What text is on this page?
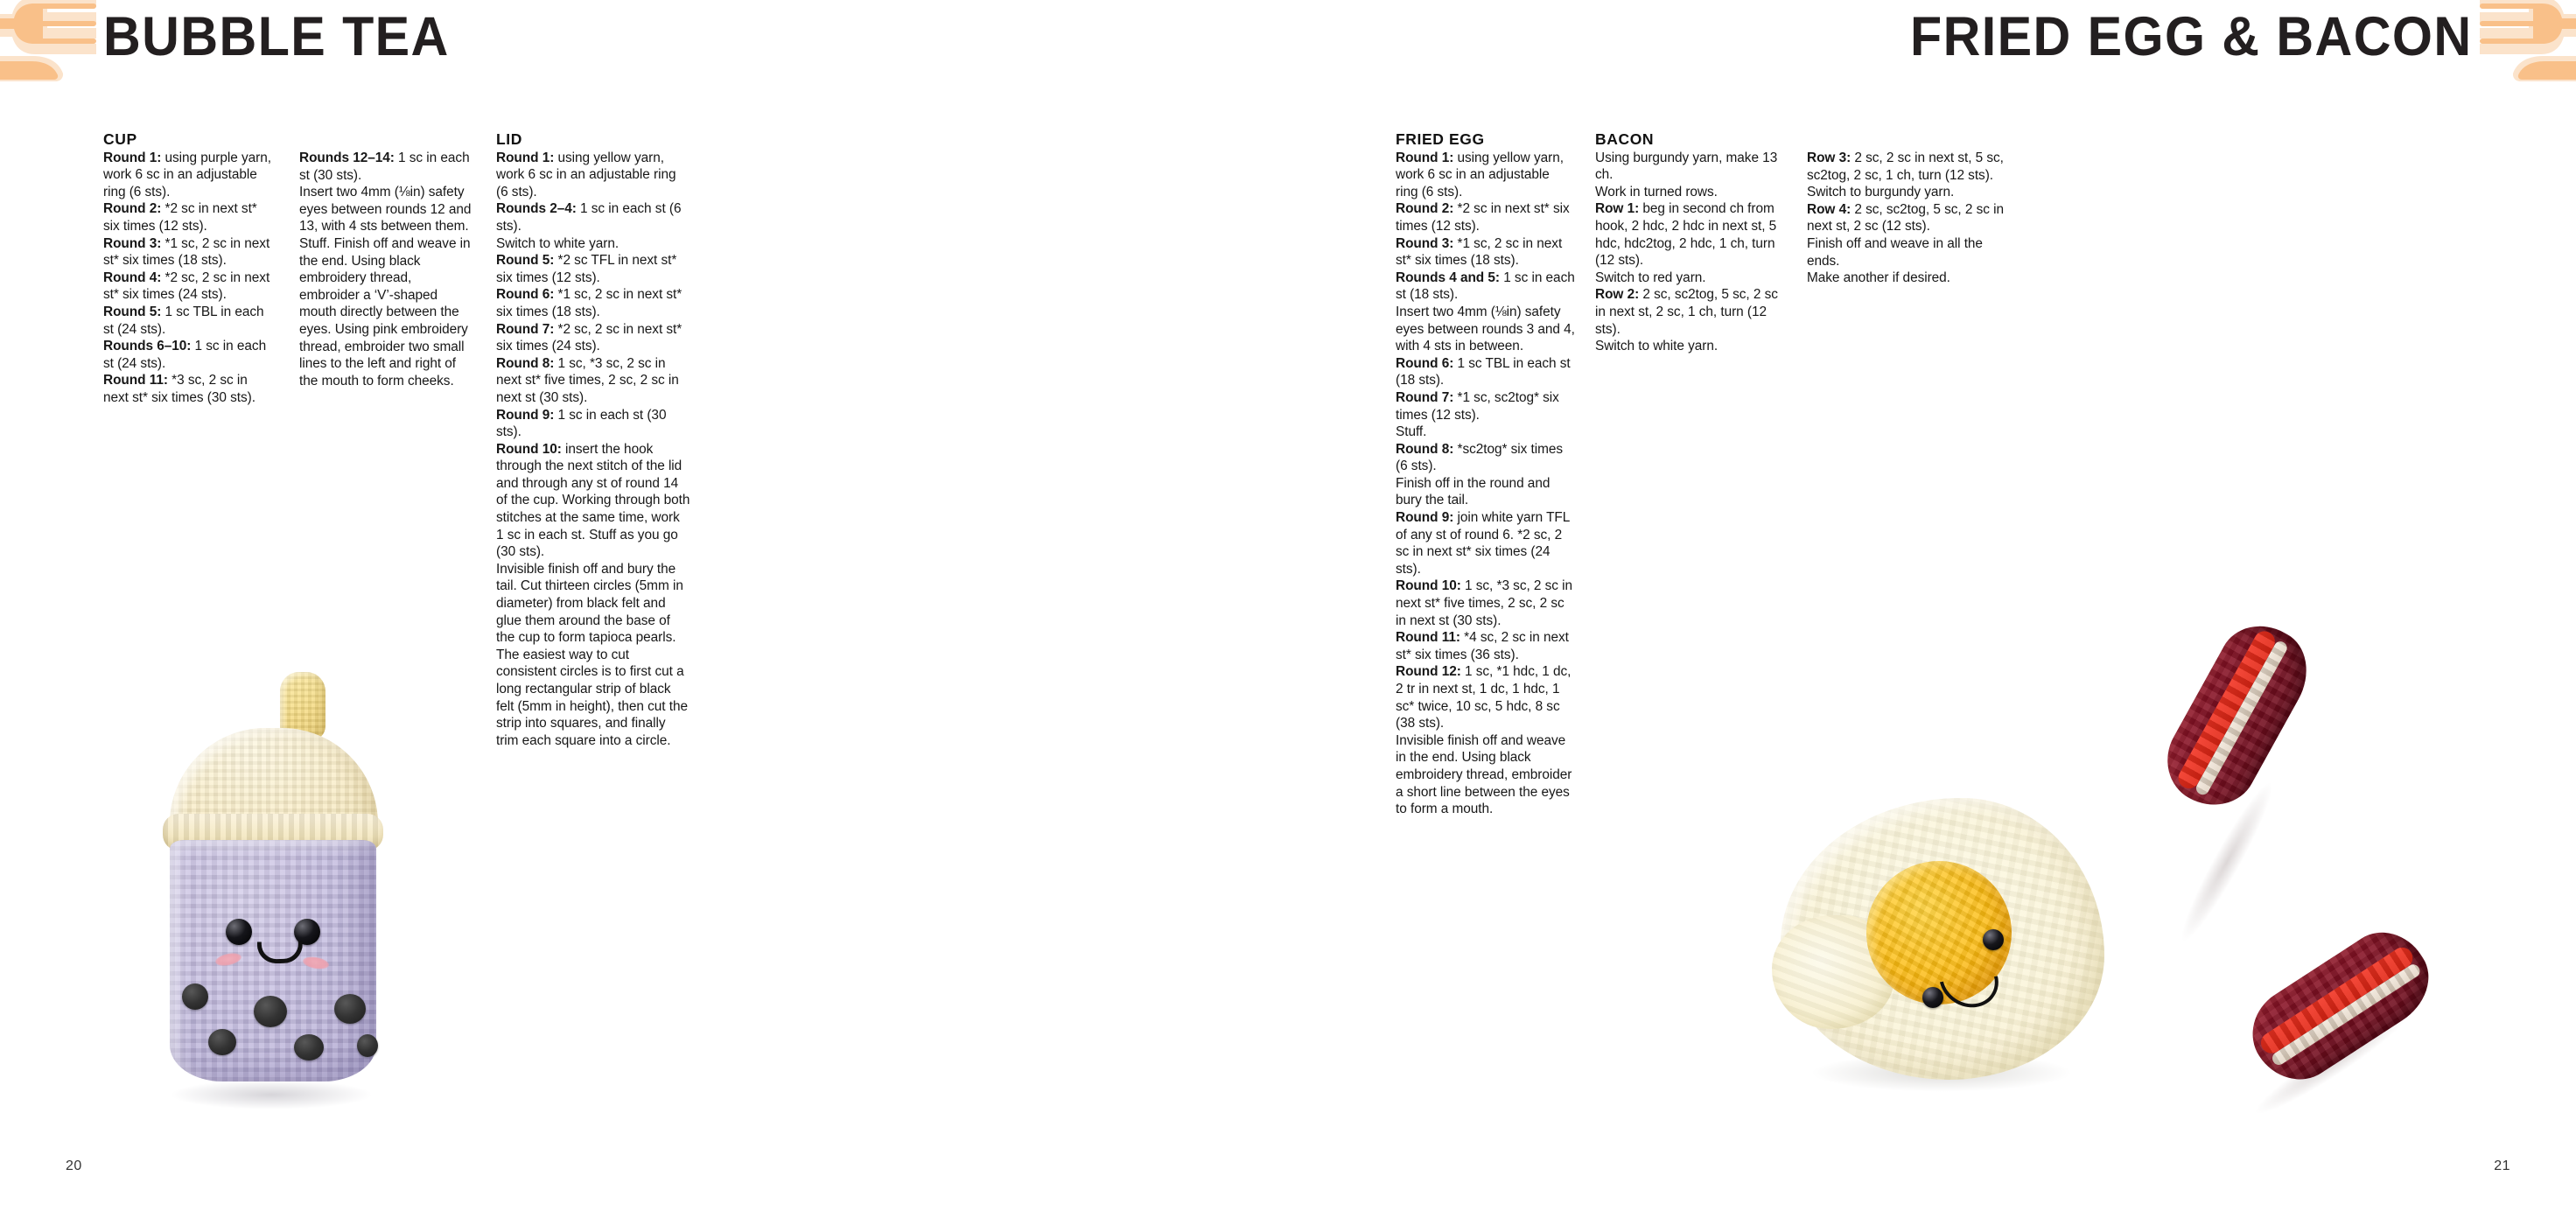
BUBBLE TEA
CUP

Round 1: using purple yarn, work 6 sc in an adjustable ring (6 sts).

Round 2: *2 sc in next st* six times (12 sts).

Round 3: *1 sc, 2 sc in next st* six times (18 sts).

Round 4: *2 sc, 2 sc in next st* six times (24 sts).

Round 5: 1 sc TBL in each st (24 sts).

Rounds 6–10: 1 sc in each st (24 sts).

Round 11: *3 sc, 2 sc in next st* six times (30 sts).

Rounds 12–14: 1 sc in each st (30 sts).

Insert two 4mm (⅛in) safety eyes between rounds 12 and 13, with 4 sts between them. Stuff. Finish off and weave in the end. Using black embroidery thread, embroider a ‘V’-shaped mouth directly between the eyes. Using pink embroidery thread, embroider two small lines to the left and right of the mouth to form cheeks.

LID

Round 1: using yellow yarn, work 6 sc in an adjustable ring (6 sts).

Rounds 2–4: 1 sc in each st (6 sts).

Switch to white yarn.

Round 5: *2 sc TFL in next st* six times (12 sts).

Round 6: *1 sc, 2 sc in next st* six times (18 sts).

Round 7: *2 sc, 2 sc in next st* six times (24 sts).

Round 8: 1 sc, *3 sc, 2 sc in next st* five times, 2 sc, 2 sc in next st (30 sts).

Round 9: 1 sc in each st (30 sts).

Round 10: insert the hook through the next stitch of the lid and through any st of round 14 of the cup. Working through both stitches at the same time, work 1 sc in each st. Stuff as you go (30 sts).

Invisible finish off and bury the tail. Cut thirteen circles (5mm in diameter) from black felt and glue them around the base of the cup to form tapioca pearls. The easiest way to cut consistent circles is to first cut a long rectangular strip of black felt (5mm in height), then cut the strip into squares, and finally trim each square into a circle.

20
FRIED EGG & BACON
FRIED EGG

Round 1: using yellow yarn, work 6 sc in an adjustable ring (6 sts).

Round 2: *2 sc in next st* six times (12 sts).

Round 3: *1 sc, 2 sc in next st* six times (18 sts).

Rounds 4 and 5: 1 sc in each st (18 sts).

Insert two 4mm (⅛in) safety eyes between rounds 3 and 4, with 4 sts in between.

Round 6: 1 sc TBL in each st (18 sts).

Round 7: *1 sc, sc2tog* six times (12 sts).

Stuff.

Round 8: *sc2tog* six times (6 sts).

Finish off in the round and bury the tail.

Round 9: join white yarn TFL of any st of round 6. *2 sc, 2 sc in next st* six times (24 sts).

Round 10: 1 sc, *3 sc, 2 sc in next st* five times, 2 sc, 2 sc in next st (30 sts).

Round 11: *4 sc, 2 sc in next st* six times (36 sts).

Round 12: 1 sc, *1 hdc, 1 dc, 2 tr in next st, 1 dc, 1 hdc, 1 sc* twice, 10 sc, 5 hdc, 8 sc (38 sts).

Invisible finish off and weave in the end. Using black embroidery thread, embroider a short line between the eyes to form a mouth.

BACON

Using burgundy yarn, make 13 ch.

Work in turned rows.

Row 1: beg in second ch from hook, 2 hdc, 2 hdc in next st, 5 hdc, hdc2tog, 2 hdc, 1 ch, turn (12 sts).

Switch to red yarn.

Row 2: 2 sc, sc2tog, 5 sc, 2 sc in next st, 2 sc, 1 ch, turn (12 sts).

Switch to white yarn.

Row 3: 2 sc, 2 sc in next st, 5 sc, sc2tog, 2 sc, 1 ch, turn (12 sts).

Switch to burgundy yarn.

Row 4: 2 sc, sc2tog, 5 sc, 2 sc in next st, 2 sc (12 sts).

Finish off and weave in all the ends.

Make another if desired.

21
